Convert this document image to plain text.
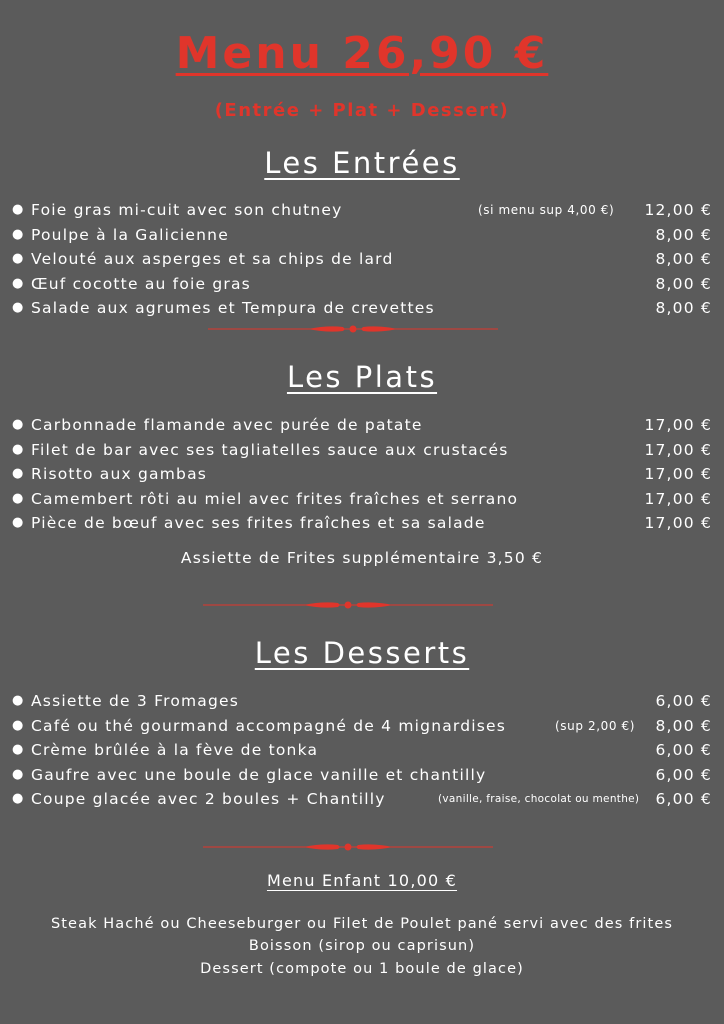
Menu 26,90 €
(Entrée + Plat + Dessert)
Les Entrées
● Foie gras mi-cuit avec son chutney	(si menu sup 4,00 €) 12,00 €
● Poulpe à la Galicienne	8,00 €
● Velouté aux asperges et sa chips de lard	8,00 €
● Œuf cocotte au foie gras	8,00 €
● Salade aux agrumes et Tempura de crevettes	8,00 €
Les Plats
● Carbonnade flamande avec purée de patate	17,00 €
● Filet de bar avec ses tagliatelles sauce aux crustacés	17,00 €
● Risotto aux gambas	17,00 €
● Camembert rôti au miel avec frites fraîches et serrano	17,00 €
● Pièce de bœuf avec ses frites fraîches et sa salade	17,00 €
Assiette de Frites supplémentaire 3,50 €
Les Desserts
● Assiette de 3 Fromages	6,00 €
● Café ou thé gourmand accompagné de 4 mignardises	(sup 2,00 €) 8,00 €
● Crème brûlée à la fève de tonka	6,00 €
● Gaufre avec une boule de glace vanille et chantilly	6,00 €
● Coupe glacée avec 2 boules + Chantilly	(vanille, fraise, chocolat ou menthe) 6,00 €
Menu Enfant 10,00 €
Steak Haché ou Cheeseburger ou Filet de Poulet pané servi avec des frites
Boisson (sirop ou caprisun)
Dessert (compote ou 1 boule de glace)
